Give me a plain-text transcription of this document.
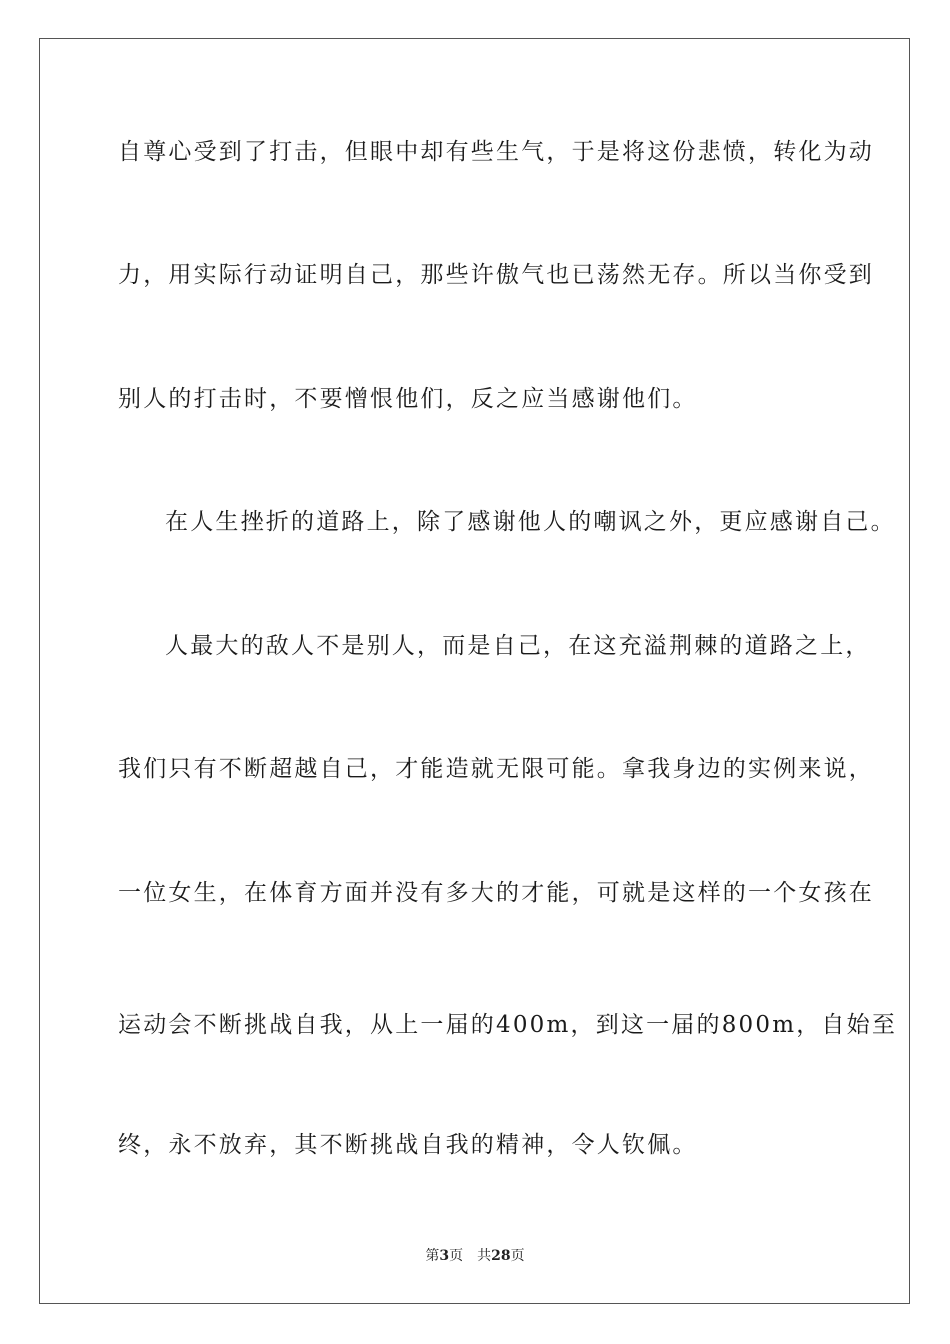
自尊心受到了打击，但眼中却有些生气，于是将这份悲愤，转化为动
力，用实际行动证明自己，那些许傲气也已荡然无存。所以当你受到
别人的打击时，不要憎恨他们，反之应当感谢他们。
在人生挫折的道路上，除了感谢他人的嘲讽之外，更应感谢自己。
人最大的敌人不是别人，而是自己，在这充溢荆棘的道路之上，
我们只有不断超越自己，才能造就无限可能。拿我身边的实例来说，
一位女生，在体育方面并没有多大的才能，可就是这样的一个女孩在
运动会不断挑战自我，从上一届的400m，到这一届的800m，自始至
终，永不放弃，其不断挑战自我的精神，令人钦佩。
第3页 共28页
